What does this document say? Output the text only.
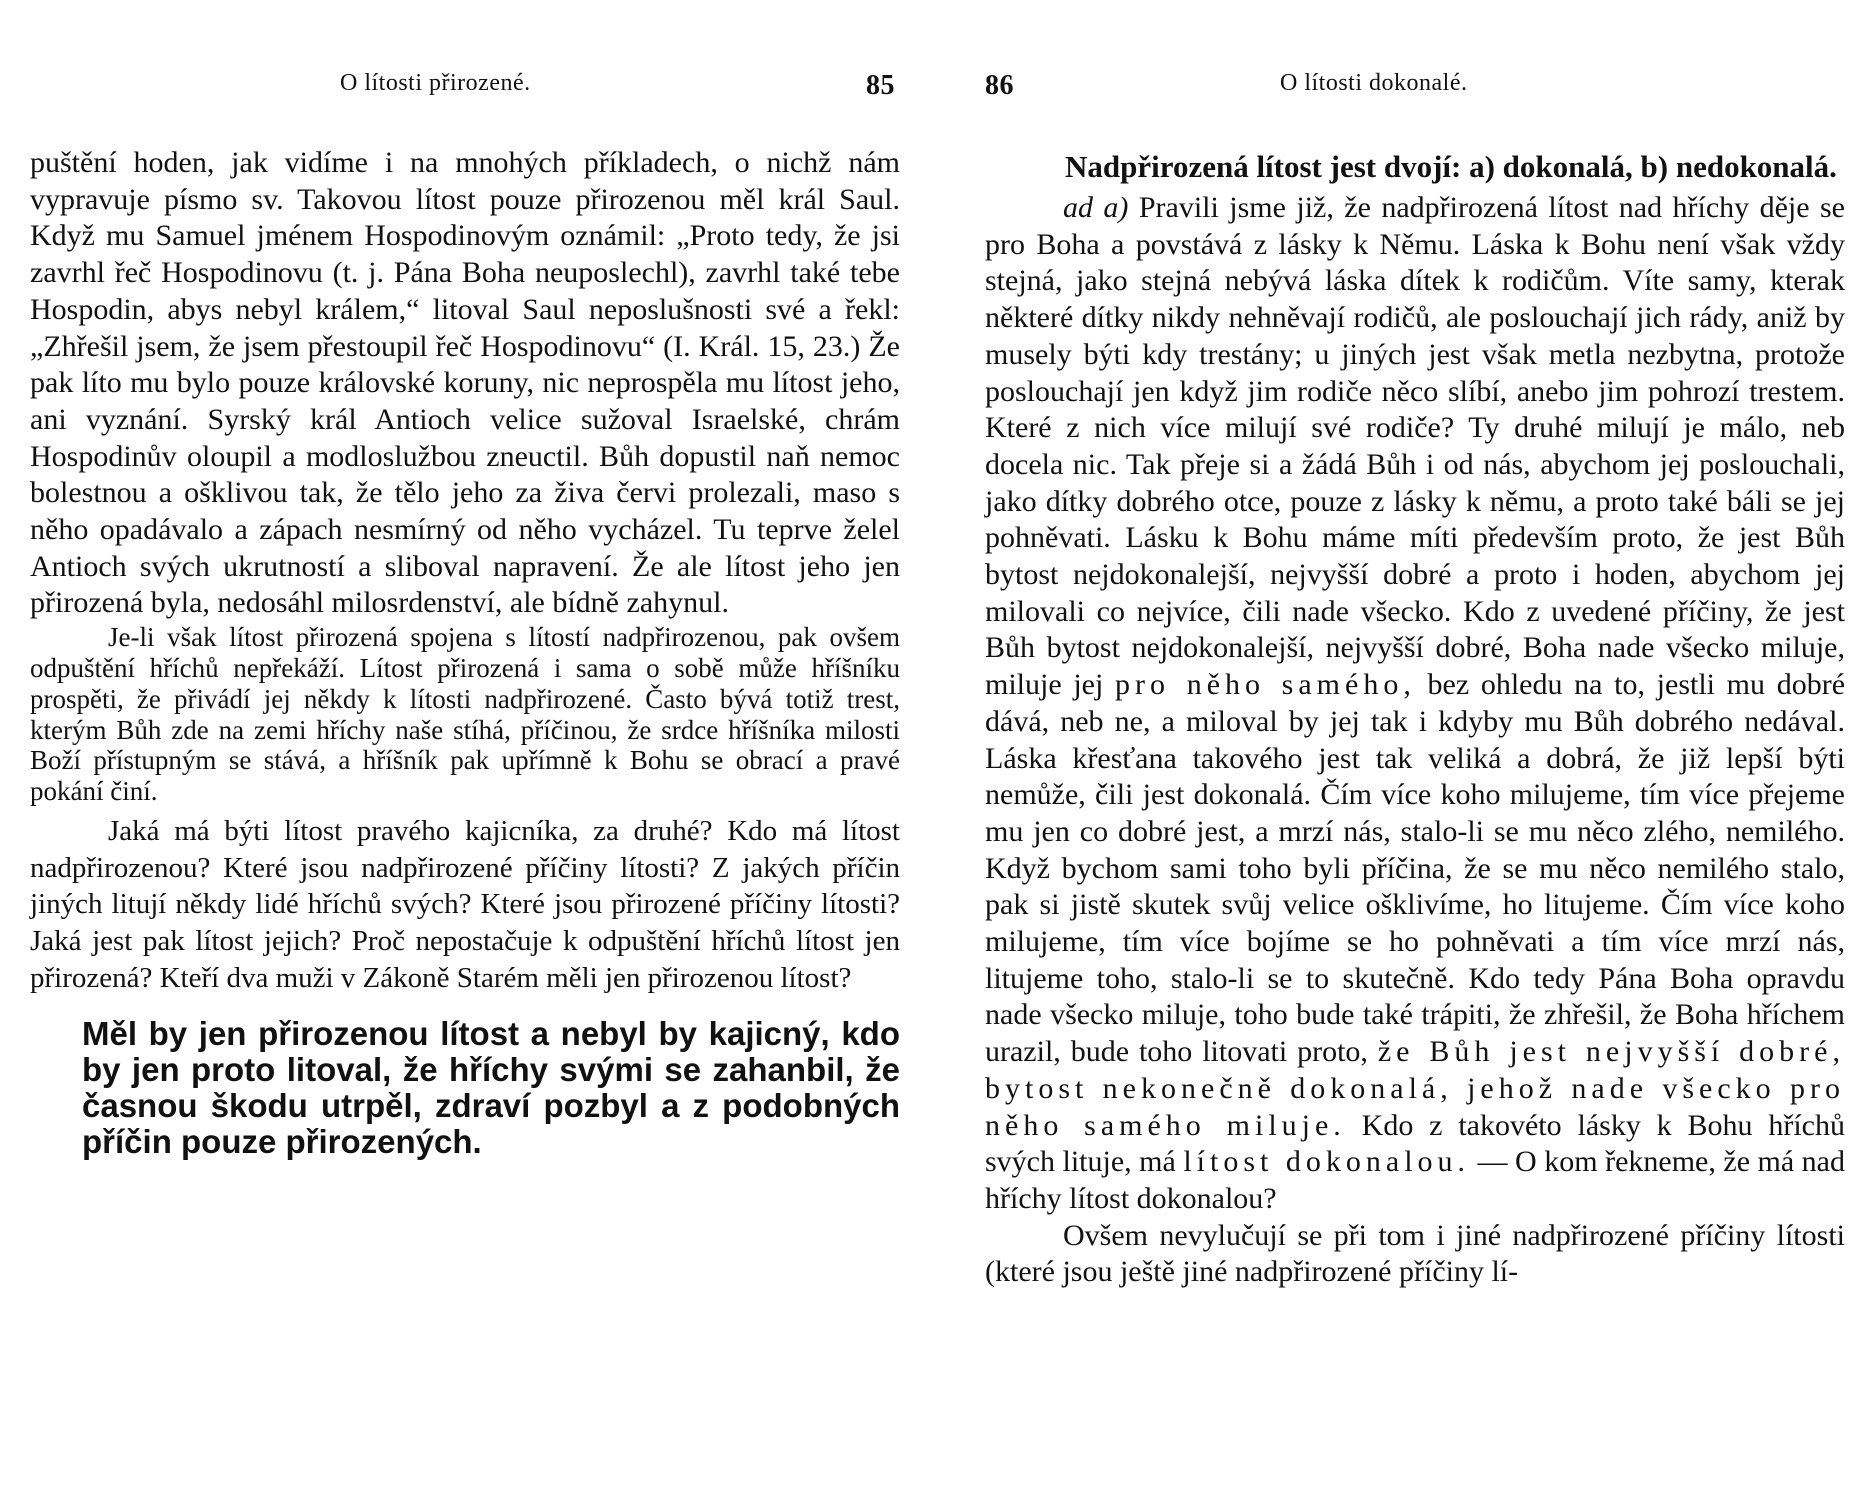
O lítosti přirozené.	85

puštění hoden, jak vidíme i na mnohých příkladech, o nichž nám vypravuje písmo sv. Takovou lítost pouze přirozenou měl král Saul. Když mu Samuel jménem Hospodinovým oznámil: „Proto tedy, že jsi zavrhl řeč Hospodinovu (t. j. Pána Boha neuposlechl), zavrhl také tebe Hospodin, abys nebyl králem,“ litoval Saul neposlušnosti své a řekl: „Zhřešil jsem, že jsem přestoupil řeč Hospodinovu“ (I. Král. 15, 23.) Že pak líto mu bylo pouze královské koruny, nic neprospěla mu lítost jeho, ani vyznání. Syrský král Antioch velice sužoval Israelské, chrám Hospodinův oloupil a modloslužbou zneuctil. Bůh dopustil naň nemoc bolestnou a ošklivou tak, že tělo jeho za živa červi prolezali, maso s něho opadávalo a zápach nesmírný od něho vycházel. Tu teprve želel Antioch svých ukrutností a sliboval napravení. Že ale lítost jeho jen přirozená byla, nedosáhl milosrdenství, ale bídně zahynul.

Je-li však lítost přirozená spojena s lítostí nadpřirozenou, pak ovšem odpuštění hříchů nepřekáží. Lítost přirozená i sama o sobě může hříšníku prospěti, že přivádí jej někdy k lítosti nadpřirozené. Často bývá totiž trest, kterým Bůh zde na zemi hříchy naše stíhá, příčinou, že srdce hříšníka milosti Boží přístupným se stává, a hříšník pak upřímně k Bohu se obrací a pravé pokání činí.

Jaká má býti lítost pravého kajicníka, za druhé? Kdo má lítost nadpřirozenou? Které jsou nadpřirozené příčiny lítosti? Z jakých příčin jiných litují někdy lidé hříchů svých? Které jsou přirozené příčiny lítosti? Jaká jest pak lítost jejich? Proč nepostačuje k odpuštění hříchů lítost jen přirozená? Kteří dva muži v Zákoně Starém měli jen přirozenou lítost?

Měl by jen přirozenou lítost a nebyl by kajicný, kdo by jen proto litoval, že hříchy svými se zahanbil, že časnou škodu utrpěl, zdraví pozbyl a z podobných příčin pouze přirozených.

86	O lítosti dokonalé.

Nadpřirozená lítost jest dvojí: a) dokonalá, b) nedokonalá.

ad a) Pravili jsme již, že nadpřirozená lítost nad hříchy děje se pro Boha a povstává z lásky k Němu. Láska k Bohu není však vždy stejná, jako stejná nebývá láska dítek k rodičům. Víte samy, kterak některé dítky nikdy nehněvají rodičů, ale poslouchají jich rády, aniž by musely býti kdy trestány; u jiných jest však metla nezbytna, protože poslouchají jen když jim rodiče něco slíbí, anebo jim pohrozí trestem. Které z nich více milují své rodiče? Ty druhé milují je málo, neb docela nic. Tak přeje si a žádá Bůh i od nás, abychom jej poslouchali, jako dítky dobrého otce, pouze z lásky k němu, a proto také báli se jej pohněvati. Lásku k Bohu máme míti především proto, že jest Bůh bytost nejdokonalejší, nejvyšší dobré a proto i hoden, abychom jej milovali co nejvíce, čili nade všecko. Kdo z uvedené příčiny, že jest Bůh bytost nejdokonalejší, nejvyšší dobré, Boha nade všecko miluje, miluje jej pro něho samého, bez ohledu na to, jestli mu dobré dává, neb ne, a miloval by jej tak i kdyby mu Bůh dobrého nedával. Láska křesťana takového jest tak veliká a dobrá, že již lepší býti nemůže, čili jest dokonalá. Čím více koho milujeme, tím více přejeme mu jen co dobré jest, a mrzí nás, stalo-li se mu něco zlého, nemilého. Když bychom sami toho byli příčina, že se mu něco nemilého stalo, pak si jistě skutek svůj velice ošklivíme, ho litujeme. Čím více koho milujeme, tím více bojíme se ho pohněvati a tím více mrzí nás, litujeme toho, stalo-li se to skutečně. Kdo tedy Pána Boha opravdu nade všecko miluje, toho bude také trápiti, že zhřešil, že Boha hříchem urazil, bude toho litovati proto, že Bůh jest nejvyšší dobré, bytost nekonečně dokonalá, jehož nade všecko pro něho samého miluje. Kdo z takovéto lásky k Bohu hříchů svých lituje, má lítost dokonalou. — O kom řekneme, že má nad hříchy lítost dokonalou?

Ovšem nevylučují se při tom i jiné nadpřirozené příčiny lítosti (které jsou ještě jiné nadpřirozené příčiny lí-
